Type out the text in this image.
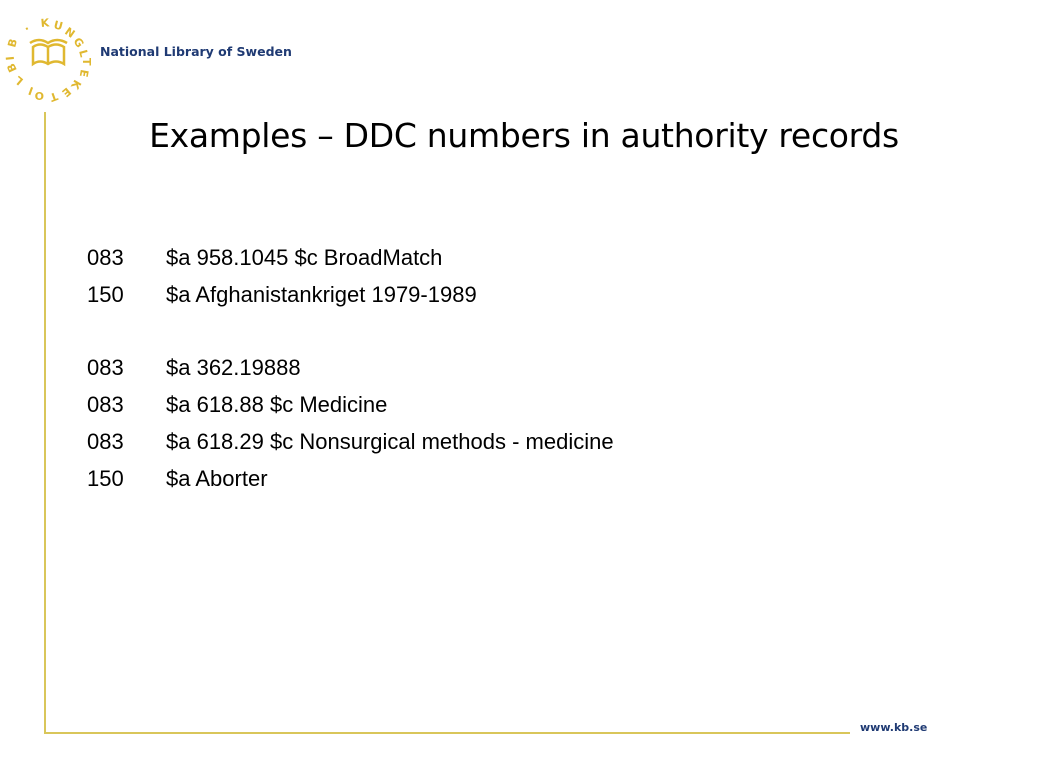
K U
N
G
L
·
B
I
B
L
I O T E
K
E
T
National Library of Sweden
Examples – DDC numbers in authority records
083	$a 958.1045 $c BroadMatch
150	$a Afghanistankriget 1979-1989
083	$a 362.19888
083	$a 618.88 $c Medicine
083	$a 618.29 $c Nonsurgical methods - medicine
150	$a Aborter
www.kb.se
